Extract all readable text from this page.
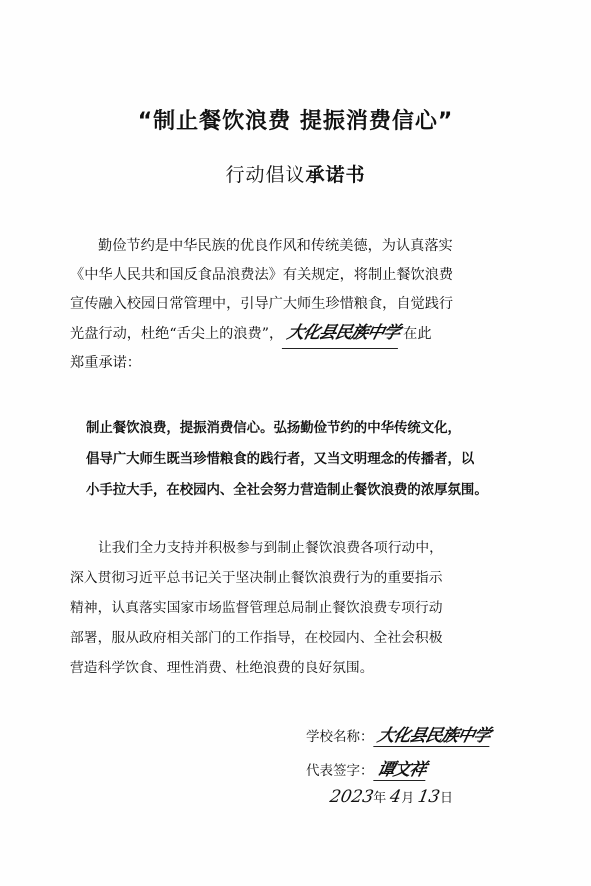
“制止餐饮浪费 提振消费信心”
行动倡议承诺书
勤俭节约是中华民族的优良作风和传统美德，为认真落实
《中华人民共和国反食品浪费法》有关规定，将制止餐饮浪费
宣传融入校园日常管理中，引导广大师生珍惜粮食，自觉践行
光盘行动，杜绝“舌尖上的浪费”， 大化县民族中学 在此
郑重承诺：
制止餐饮浪费，提振消费信心。弘扬勤俭节约的中华传统文化，
倡导广大师生既当珍惜粮食的践行者，又当文明理念的传播者，以
小手拉大手，在校园内、全社会努力营造制止餐饮浪费的浓厚氛围。
让我们全力支持并积极参与到制止餐饮浪费各项行动中，
深入贯彻习近平总书记关于坚决制止餐饮浪费行为的重要指示
精神，认真落实国家市场监督管理总局制止餐饮浪费专项行动
部署，服从政府相关部门的工作指导，在校园内、全社会积极
营造科学饮食、理性消费、杜绝浪费的良好氛围。
学校名称：大化县民族中学
代表签字：谭文祥
2023年 4月 13日
